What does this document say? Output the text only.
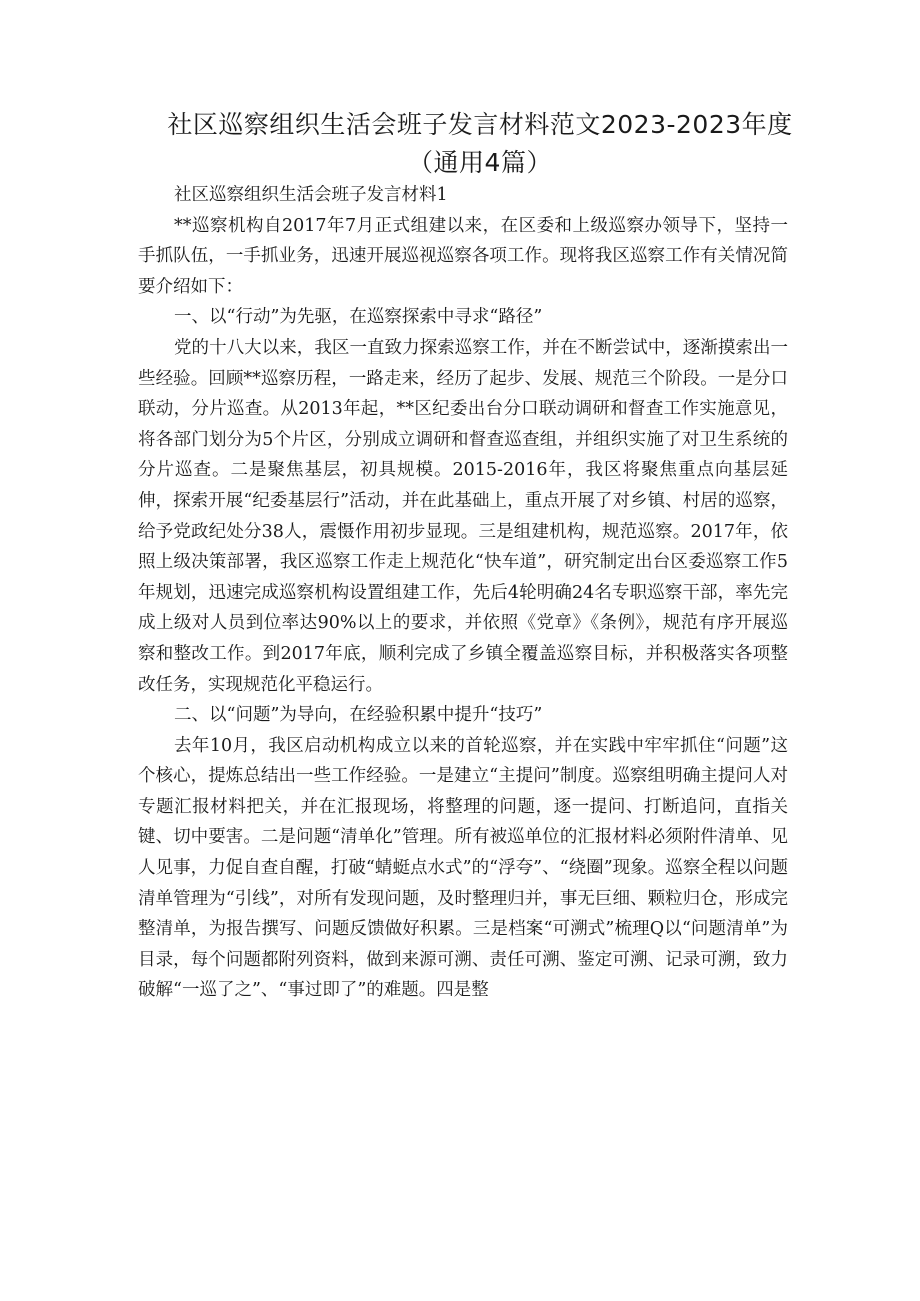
社区巡察组织生活会班子发言材料范文2023-2023年度（通用4篇）

社区巡察组织生活会班子发言材料1

**巡察机构自2017年7月正式组建以来，在区委和上级巡察办领导下，坚持一手抓队伍，一手抓业务，迅速开展巡视巡察各项工作。现将我区巡察工作有关情况简要介绍如下：

一、以“行动”为先驱，在巡察探索中寻求“路径”

党的十八大以来，我区一直致力探索巡察工作，并在不断尝试中，逐渐摸索出一些经验。回顾**巡察历程，一路走来，经历了起步、发展、规范三个阶段。一是分口联动，分片巡查。从2013年起，**区纪委出台分口联动调研和督查工作实施意见，将各部门划分为5个片区，分别成立调研和督查巡查组，并组织实施了对卫生系统的分片巡查。二是聚焦基层，初具规模。2015-2016年，我区将聚焦重点向基层延伸，探索开展“纪委基层行”活动，并在此基础上，重点开展了对乡镇、村居的巡察，给予党政纪处分38人，震慑作用初步显现。三是组建机构，规范巡察。2017年，依照上级决策部署，我区巡察工作走上规范化“快车道”，研究制定出台区委巡察工作5年规划，迅速完成巡察机构设置组建工作，先后4轮明确24名专职巡察干部，率先完成上级对人员到位率达90%以上的要求，并依照《党章》《条例》，规范有序开展巡察和整改工作。到2017年底，顺利完成了乡镇全覆盖巡察目标，并积极落实各项整改任务，实现规范化平稳运行。

二、以“问题”为导向，在经验积累中提升“技巧”

去年10月，我区启动机构成立以来的首轮巡察，并在实践中牢牢抓住“问题”这个核心，提炼总结出一些工作经验。一是建立“主提问”制度。巡察组明确主提问人对专题汇报材料把关，并在汇报现场，将整理的问题，逐一提问、打断追问，直指关键、切中要害。二是问题“清单化”管理。所有被巡单位的汇报材料必须附件清单、见人见事，力促自查自醒，打破“蜻蜓点水式”的“浮夸”、“绕圈”现象。巡察全程以问题清单管理为“引线”，对所有发现问题，及时整理归并，事无巨细、颗粒归仓，形成完整清单，为报告撰写、问题反馈做好积累。三是档案“可溯式”梳理Q以“问题清单”为目录，每个问题都附列资料，做到来源可溯、责任可溯、鉴定可溯、记录可溯，致力破解“一巡了之”、“事过即了”的难题。四是整
